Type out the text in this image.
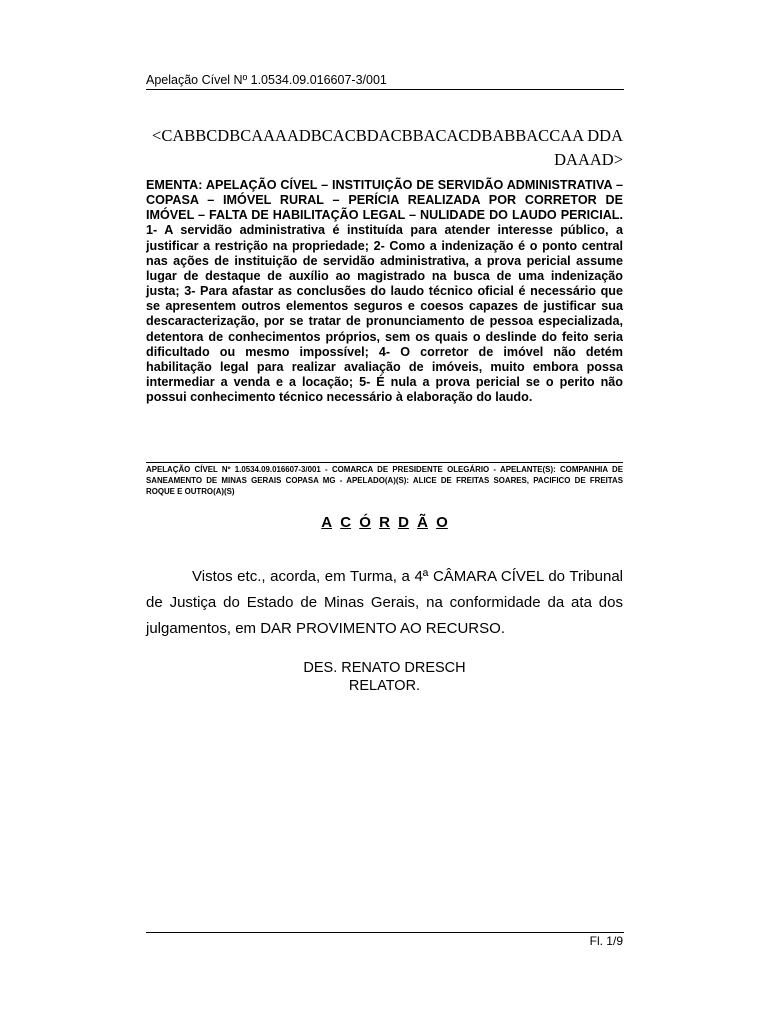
Apelação Cível Nº 1.0534.09.016607-3/001
<CABBCDBCAAAADBCACBDACBBACACDBABBACCAA DDADAAAD>

EMENTA: APELAÇÃO CÍVEL – INSTITUIÇÃO DE SERVIDÃO ADMINISTRATIVA – COPASA – IMÓVEL RURAL – PERÍCIA REALIZADA POR CORRETOR DE IMÓVEL – FALTA DE HABILITAÇÃO LEGAL – NULIDADE DO LAUDO PERICIAL. 1- A servidão administrativa é instituída para atender interesse público, a justificar a restrição na propriedade; 2- Como a indenização é o ponto central nas ações de instituição de servidão administrativa, a prova pericial assume lugar de destaque de auxílio ao magistrado na busca de uma indenização justa; 3- Para afastar as conclusões do laudo técnico oficial é necessário que se apresentem outros elementos seguros e coesos capazes de justificar sua descaracterização, por se tratar de pronunciamento de pessoa especializada, detentora de conhecimentos próprios, sem os quais o deslinde do feito seria dificultado ou mesmo impossível; 4- O corretor de imóvel não detém habilitação legal para realizar avaliação de imóveis, muito embora possa intermediar a venda e a locação; 5- É nula a prova pericial se o perito não possui conhecimento técnico necessário à elaboração do laudo.

APELAÇÃO CÍVEL Nº 1.0534.09.016607-3/001 - COMARCA DE PRESIDENTE OLEGÁRIO - APELANTE(S): COMPANHIA DE SANEAMENTO DE MINAS GERAIS COPASA MG - APELADO(A)(S): ALICE DE FREITAS SOARES, PACIFICO DE FREITAS ROQUE E OUTRO(A)(S)

A C Ó R D Ã O

Vistos etc., acorda, em Turma, a 4ª CÂMARA CÍVEL do Tribunal de Justiça do Estado de Minas Gerais, na conformidade da ata dos julgamentos, em DAR PROVIMENTO AO RECURSO.

DES. RENATO DRESCH
RELATOR.
Fl. 1/9
